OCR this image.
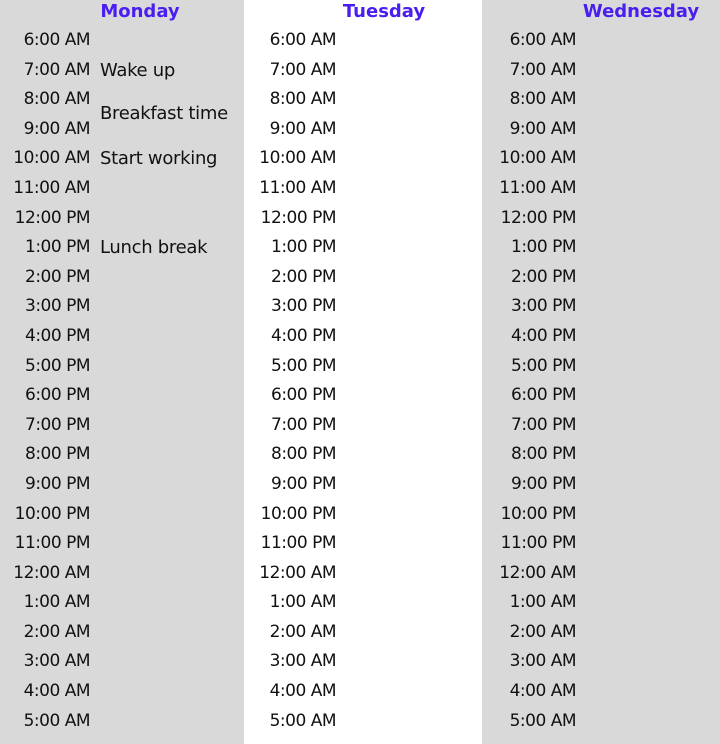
Monday
6:00 AM
7:00 AM
8:00 AM
9:00 AM
10:00 AM
11:00 AM
12:00 PM
1:00 PM
2:00 PM
3:00 PM
4:00 PM
5:00 PM
6:00 PM
7:00 PM
8:00 PM
9:00 PM
10:00 PM
11:00 PM
12:00 AM
1:00 AM
2:00 AM
3:00 AM
4:00 AM
5:00 AM
Wake up
Breakfast time
Start working
Lunch break
Tuesday
6:00 AM
7:00 AM
8:00 AM
9:00 AM
10:00 AM
11:00 AM
12:00 PM
1:00 PM
2:00 PM
3:00 PM
4:00 PM
5:00 PM
6:00 PM
7:00 PM
8:00 PM
9:00 PM
10:00 PM
11:00 PM
12:00 AM
1:00 AM
2:00 AM
3:00 AM
4:00 AM
5:00 AM
Wednesday
6:00 AM
7:00 AM
8:00 AM
9:00 AM
10:00 AM
11:00 AM
12:00 PM
1:00 PM
2:00 PM
3:00 PM
4:00 PM
5:00 PM
6:00 PM
7:00 PM
8:00 PM
9:00 PM
10:00 PM
11:00 PM
12:00 AM
1:00 AM
2:00 AM
3:00 AM
4:00 AM
5:00 AM
